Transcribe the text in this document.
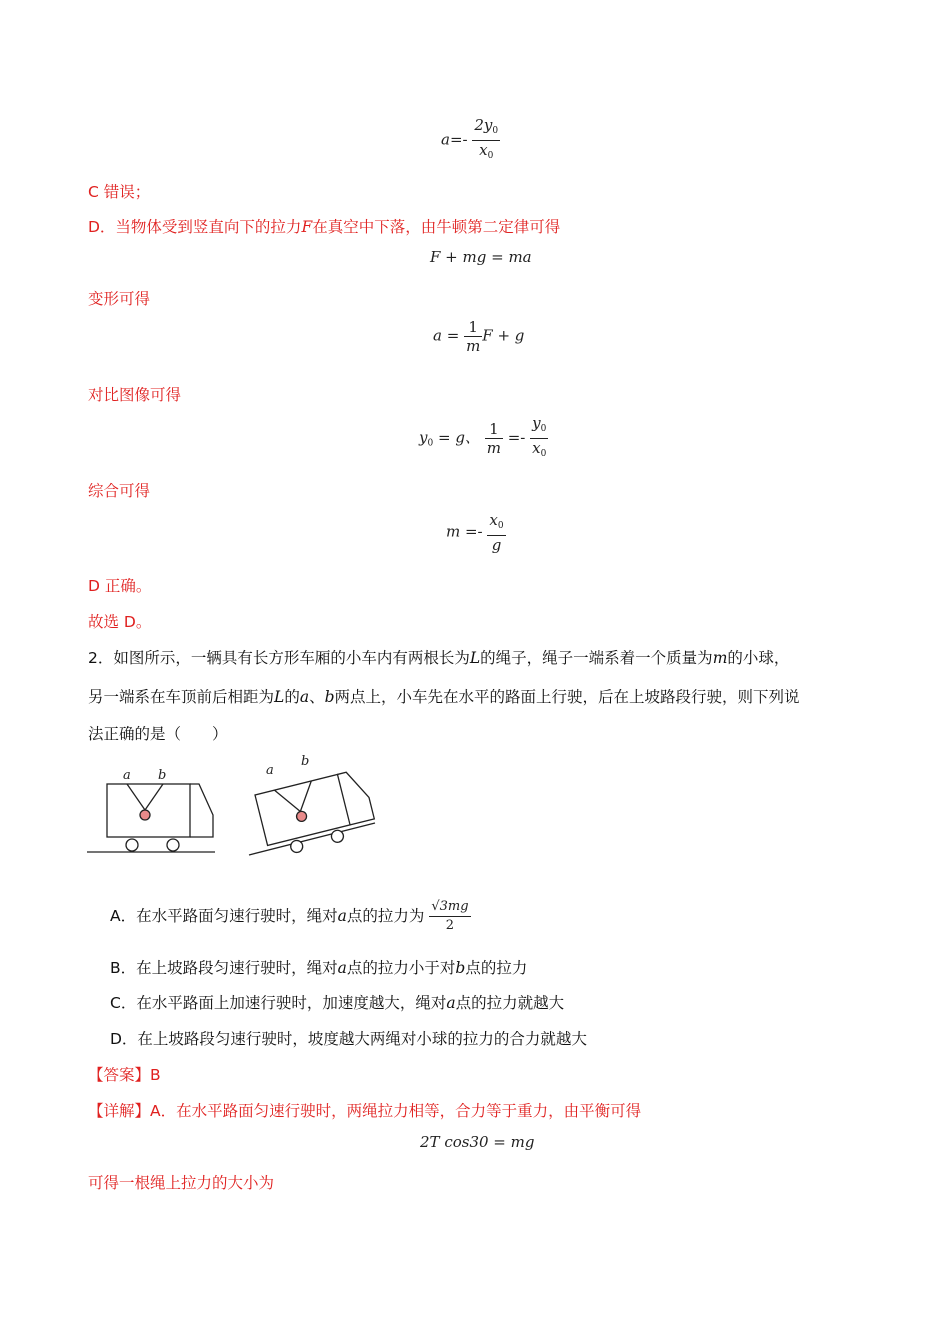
$a=- \frac{2y_0}{x_0}$
C 错误；
D．当物体受到竖直向下的拉力F在真空中下落，由牛顿第二定律可得
F + mg = ma
变形可得
$a = \frac{1}{m}$ F + g
对比图像可得
$y_0 = g$、 $\frac{1}{m} =- \frac{y_0}{x_0}$
综合可得
$m =- \frac{x_0}{g}$
D 正确。
故选 D。
2．如图所示，一辆具有长方形车厢的小车内有两根长为L的绳子，绳子一端系着一个质量为m的小球，
另一端系在车顶前后相距为L的a、b两点上，小车先在水平的路面上行驶，后在上坡路段行驶，则下列说
法正确的是（　　）
a b	a
b
A．在水平路面匀速行驶时，绳对a点的拉力为 $\frac{√3mg}{2}$
B．在上坡路段匀速行驶时，绳对a点的拉力小于对b点的拉力
C．在水平路面上加速行驶时，加速度越大，绳对a点的拉力就越大
D．在上坡路段匀速行驶时，坡度越大两绳对小球的拉力的合力就越大
【答案】B
【详解】A．在水平路面匀速行驶时，两绳拉力相等，合力等于重力，由平衡可得
2T cos30 = mg
可得一根绳上拉力的大小为
